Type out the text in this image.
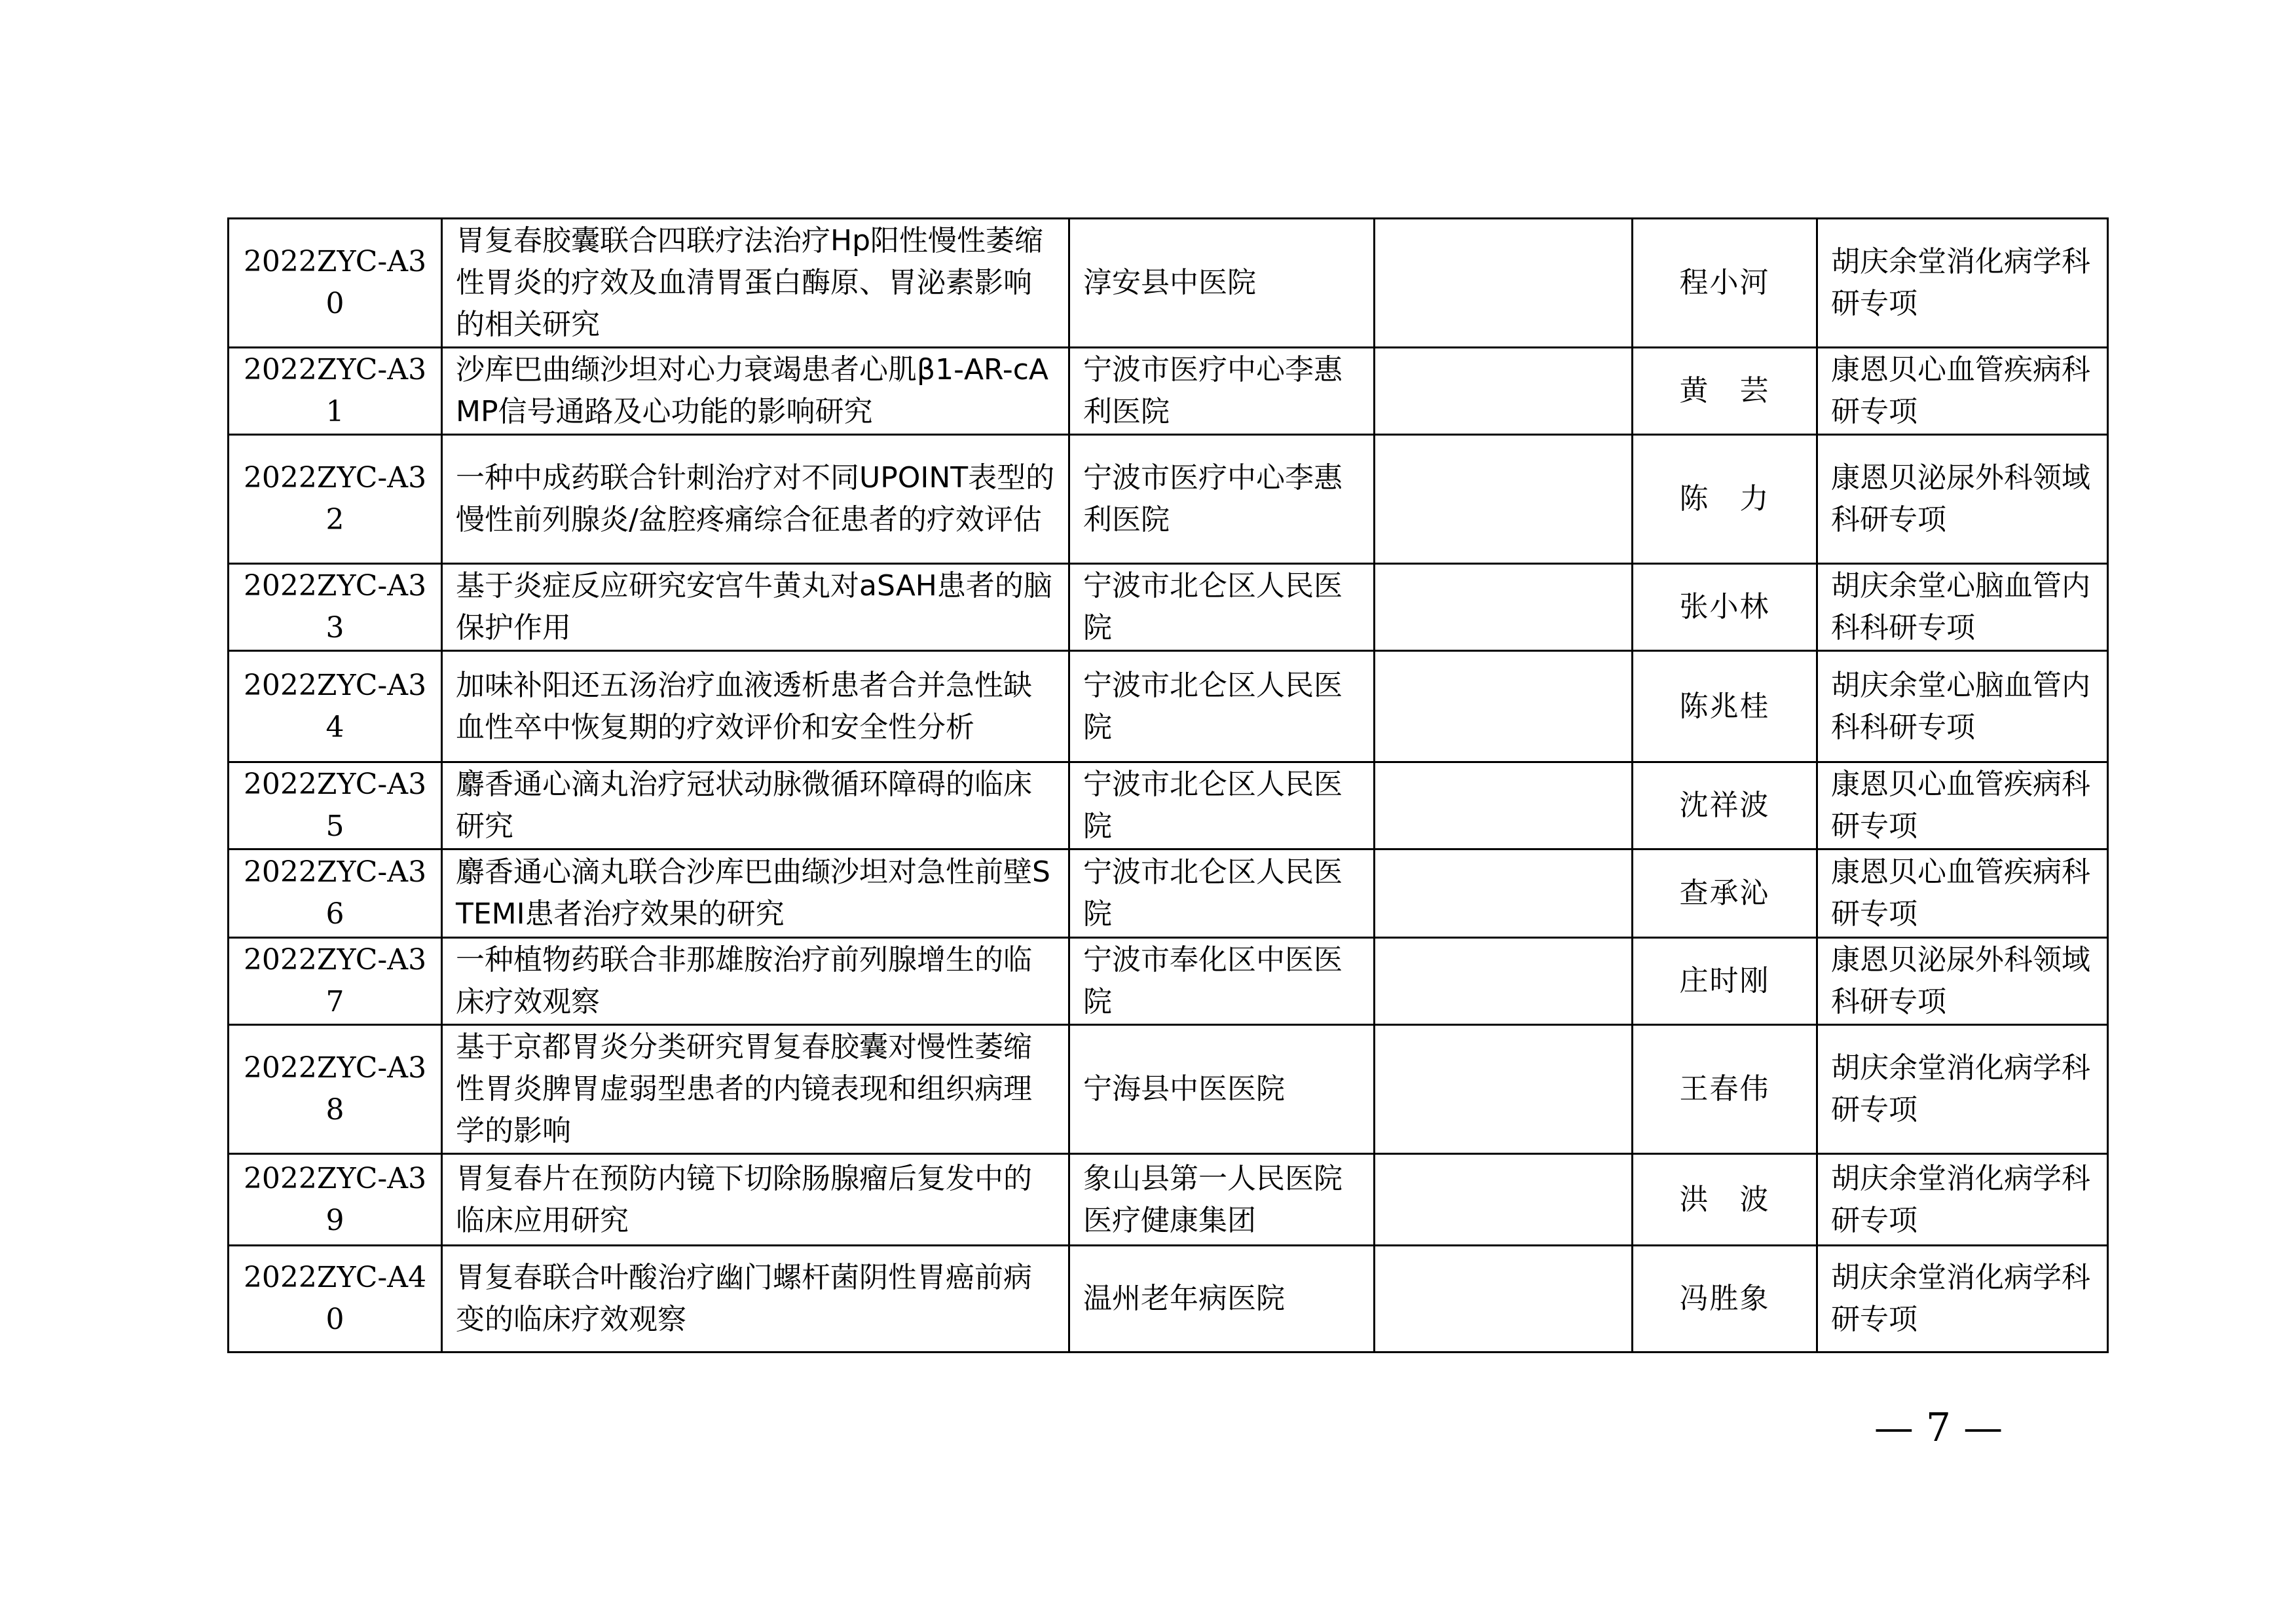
2022ZYC-A30	胃复春胶囊联合四联疗法治疗Hp阳性慢性萎缩性胃炎的疗效及血清胃蛋白酶原、胃泌素影响的相关研究	淳安县中医院		程小河	胡庆余堂消化病学科研专项
2022ZYC-A31	沙库巴曲缬沙坦对心力衰竭患者心肌β1-AR-cAMP信号通路及心功能的影响研究	宁波市医疗中心李惠利医院		黄　芸	康恩贝心血管疾病科研专项
2022ZYC-A32	一种中成药联合针刺治疗对不同UPOINT表型的慢性前列腺炎/盆腔疼痛综合征患者的疗效评估	宁波市医疗中心李惠利医院		陈　力	康恩贝泌尿外科领域科研专项
2022ZYC-A33	基于炎症反应研究安宫牛黄丸对aSAH患者的脑保护作用	宁波市北仑区人民医院		张小林	胡庆余堂心脑血管内科科研专项
2022ZYC-A34	加味补阳还五汤治疗血液透析患者合并急性缺血性卒中恢复期的疗效评价和安全性分析	宁波市北仑区人民医院		陈兆桂	胡庆余堂心脑血管内科科研专项
2022ZYC-A35	麝香通心滴丸治疗冠状动脉微循环障碍的临床研究	宁波市北仑区人民医院		沈祥波	康恩贝心血管疾病科研专项
2022ZYC-A36	麝香通心滴丸联合沙库巴曲缬沙坦对急性前壁STEMI患者治疗效果的研究	宁波市北仑区人民医院		查承沁	康恩贝心血管疾病科研专项
2022ZYC-A37	一种植物药联合非那雄胺治疗前列腺增生的临床疗效观察	宁波市奉化区中医医院		庄时刚	康恩贝泌尿外科领域科研专项
2022ZYC-A38	基于京都胃炎分类研究胃复春胶囊对慢性萎缩性胃炎脾胃虚弱型患者的内镜表现和组织病理学的影响	宁海县中医医院		王春伟	胡庆余堂消化病学科研专项
2022ZYC-A39	胃复春片在预防内镜下切除肠腺瘤后复发中的临床应用研究	象山县第一人民医院医疗健康集团		洪　波	胡庆余堂消化病学科研专项
2022ZYC-A40	胃复春联合叶酸治疗幽门螺杆菌阴性胃癌前病变的临床疗效观察	温州老年病医院		冯胜象	胡庆余堂消化病学科研专项
— 7 —
